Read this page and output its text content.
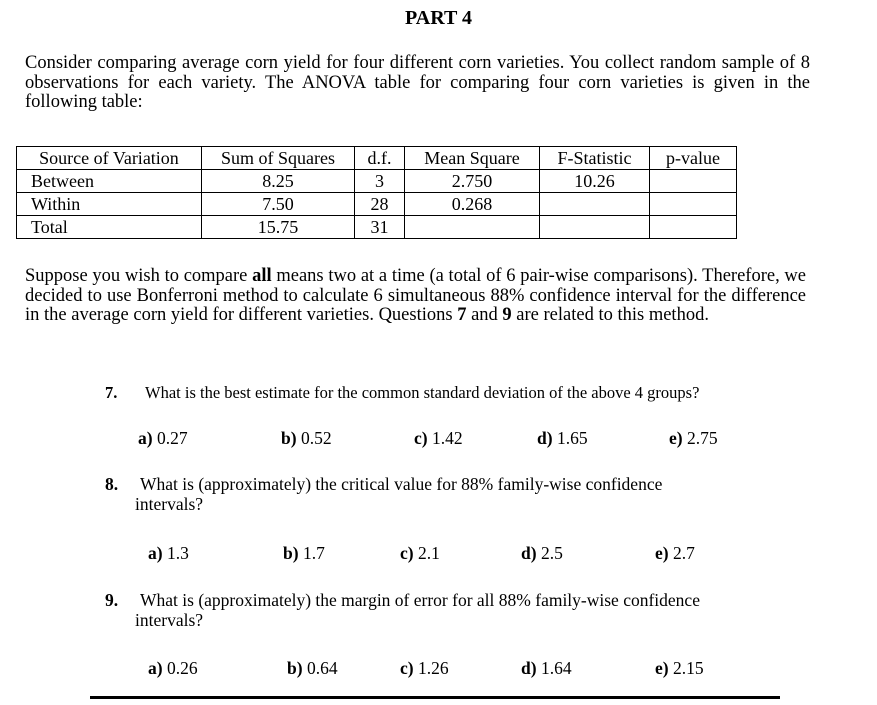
PART 4
Consider comparing average corn yield for four different corn varieties. You collect random sample of 8 observations for each variety. The ANOVA table for comparing four corn varieties is given in the following table:
Source of Variation	Sum of Squares	d.f.	Mean Square	F-Statistic	p-value
Between	8.25	3	2.750	10.26	
Within	7.50	28	0.268		
Total	15.75	31			
Suppose you wish to compare all means two at a time (a total of 6 pair-wise comparisons). Therefore, we decided to use Bonferroni method to calculate 6 simultaneous 88% confidence interval for the difference in the average corn yield for different varieties. Questions 7 and 9 are related to this method.
7. What is the best estimate for the common standard deviation of the above 4 groups?
a) 0.27	b) 0.52	c) 1.42	d) 1.65	e) 2.75
8. What is (approximately) the critical value for 88% family-wise confidence
intervals?
a) 1.3	b) 1.7	c) 2.1	d) 2.5	e) 2.7
9. What is (approximately) the margin of error for all 88% family-wise confidence
intervals?
a) 0.26	b) 0.64	c) 1.26	d) 1.64	e) 2.15
